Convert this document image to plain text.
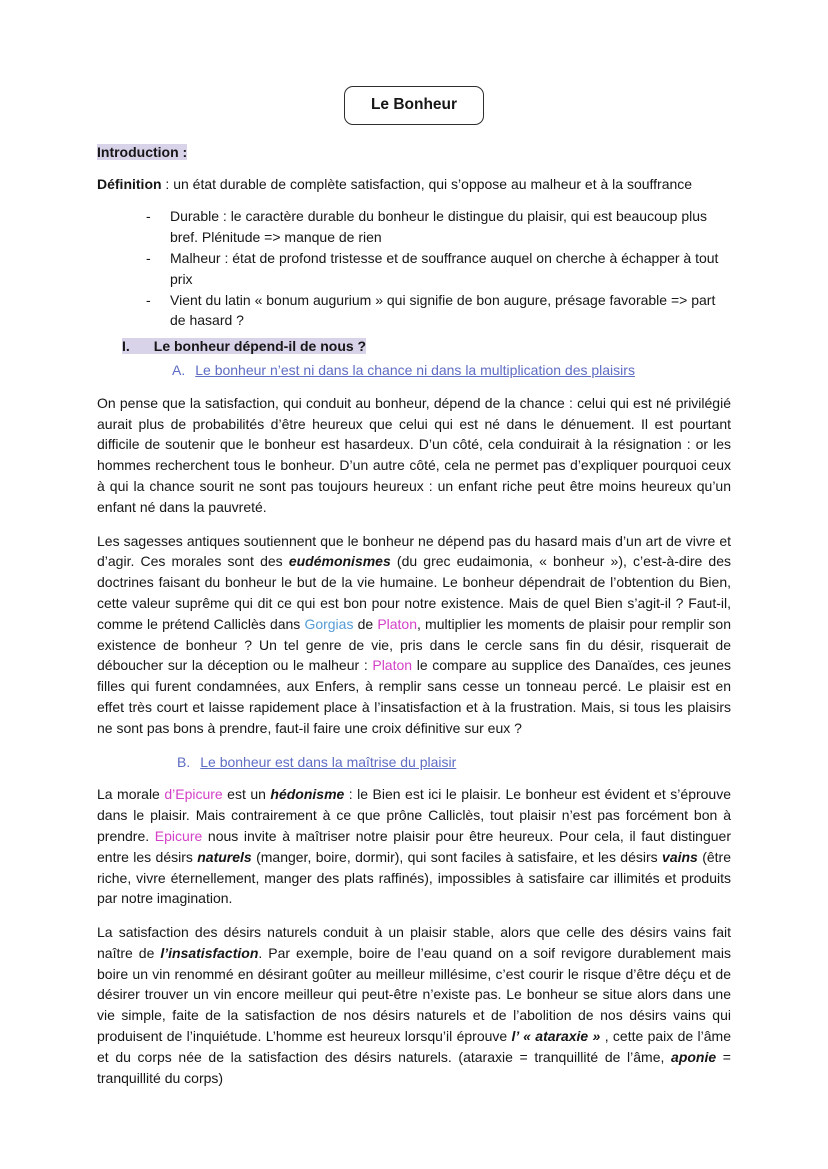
Le Bonheur

Introduction :

Définition : un état durable de complète satisfaction, qui s’oppose au malheur et à la souffrance

- Durable : le caractère durable du bonheur le distingue du plaisir, qui est beaucoup plus bref. Plénitude => manque de rien
- Malheur : état de profond tristesse et de souffrance auquel on cherche à échapper à tout prix
- Vient du latin « bonum augurium » qui signifie de bon augure, présage favorable => part de hasard ?
I. Le bonheur dépend-il de nous ?
A. Le bonheur n’est ni dans la chance ni dans la multiplication des plaisirs

On pense que la satisfaction, qui conduit au bonheur, dépend de la chance : celui qui est né privilégié aurait plus de probabilités d’être heureux que celui qui est né dans le dénuement. Il est pourtant difficile de soutenir que le bonheur est hasardeux. D’un côté, cela conduirait à la résignation : or les hommes recherchent tous le bonheur. D’un autre côté, cela ne permet pas d’expliquer pourquoi ceux à qui la chance sourit ne sont pas toujours heureux : un enfant riche peut être moins heureux qu’un enfant né dans la pauvreté.

Les sagesses antiques soutiennent que le bonheur ne dépend pas du hasard mais d’un art de vivre et d’agir. Ces morales sont des eudémonismes (du grec eudaimonia, « bonheur »), c’est-à-dire des doctrines faisant du bonheur le but de la vie humaine. Le bonheur dépendrait de l’obtention du Bien, cette valeur suprême qui dit ce qui est bon pour notre existence. Mais de quel Bien s’agit-il ? Faut-il, comme le prétend Calliclès dans Gorgias de Platon, multiplier les moments de plaisir pour remplir son existence de bonheur ? Un tel genre de vie, pris dans le cercle sans fin du désir, risquerait de déboucher sur la déception ou le malheur : Platon le compare au supplice des Danaïdes, ces jeunes filles qui furent condamnées, aux Enfers, à remplir sans cesse un tonneau percé. Le plaisir est en effet très court et laisse rapidement place à l’insatisfaction et à la frustration. Mais, si tous les plaisirs ne sont pas bons à prendre, faut-il faire une croix définitive sur eux ?

B. Le bonheur est dans la maîtrise du plaisir

La morale d’Epicure est un hédonisme : le Bien est ici le plaisir. Le bonheur est évident et s’éprouve dans le plaisir. Mais contrairement à ce que prône Calliclès, tout plaisir n’est pas forcément bon à prendre. Epicure nous invite à maîtriser notre plaisir pour être heureux. Pour cela, il faut distinguer entre les désirs naturels (manger, boire, dormir), qui sont faciles à satisfaire, et les désirs vains (être riche, vivre éternellement, manger des plats raffinés), impossibles à satisfaire car illimités et produits par notre imagination.

La satisfaction des désirs naturels conduit à un plaisir stable, alors que celle des désirs vains fait naître de l’insatisfaction. Par exemple, boire de l’eau quand on a soif revigore durablement mais boire un vin renommé en désirant goûter au meilleur millésime, c’est courir le risque d’être déçu et de désirer trouver un vin encore meilleur qui peut-être n’existe pas. Le bonheur se situe alors dans une vie simple, faite de la satisfaction de nos désirs naturels et de l’abolition de nos désirs vains qui produisent de l’inquiétude. L’homme est heureux lorsqu’il éprouve l’ « ataraxie » , cette paix de l’âme et du corps née de la satisfaction des désirs naturels. (ataraxie = tranquillité de l’âme, aponie = tranquillité du corps)
